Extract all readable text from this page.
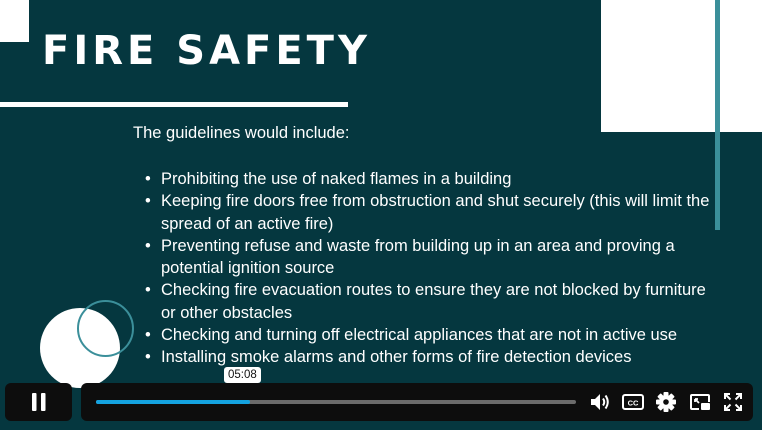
FIRE SAFETY
The guidelines would include:
• Prohibiting the use of naked flames in a building
• Keeping fire doors free from obstruction and shut securely (this will limit the spread of an active fire)
• Preventing refuse and waste from building up in an area and proving a potential ignition source
• Checking fire evacuation routes to ensure they are not blocked by furniture or other obstacles
• Checking and turning off electrical appliances that are not in active use
• Installing smoke alarms and other forms of fire detection devices
CC
05:08
